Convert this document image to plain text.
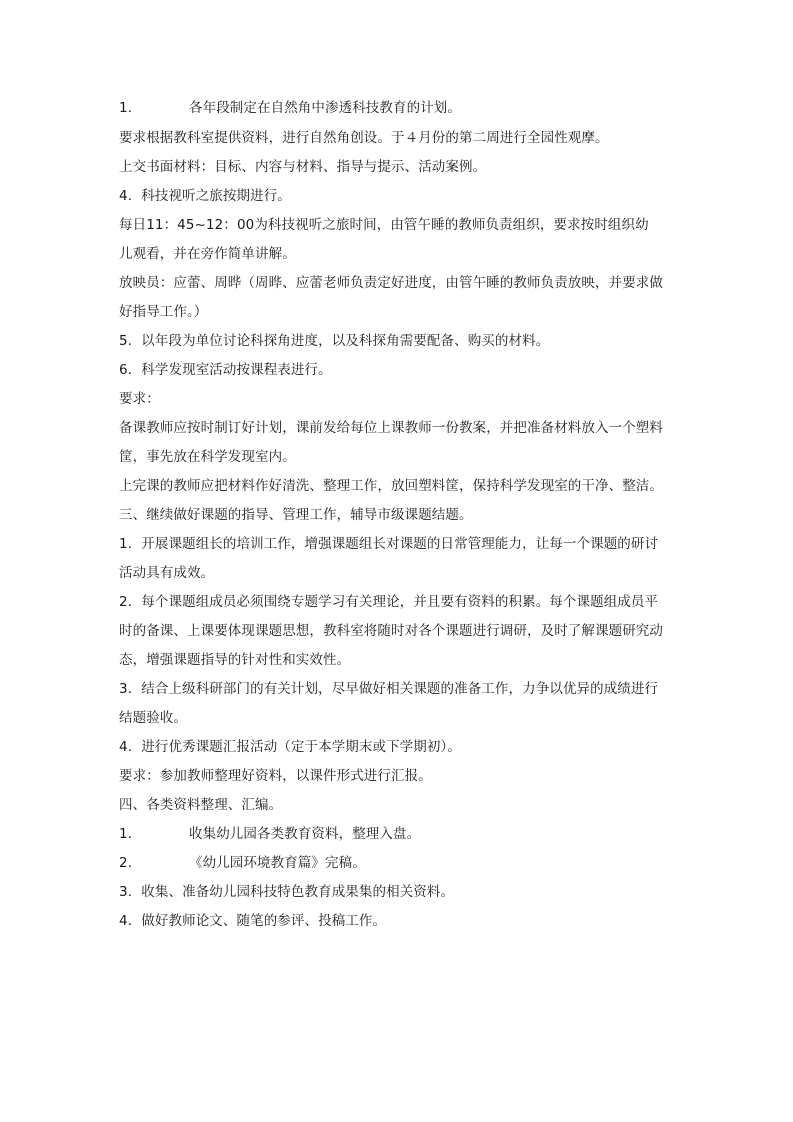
1．	各年段制定在自然角中渗透科技教育的计划。
要求根据教科室提供资料，进行自然角创设。于４月份的第二周进行全园性观摩。
上交书面材料：目标、内容与材料、指导与提示、活动案例。
4．科技视听之旅按期进行。
每日11：45~12：00为科技视听之旅时间，由管午睡的教师负责组织，要求按时组织幼
儿观看，并在旁作简单讲解。
放映员：应蕾、周晔（周晔、应蕾老师负责定好进度，由管午睡的教师负责放映，并要求做
好指导工作。）
5．以年段为单位讨论科探角进度，以及科探角需要配备、购买的材料。
6．科学发现室活动按课程表进行。
要求：
备课教师应按时制订好计划，课前发给每位上课教师一份教案，并把准备材料放入一个塑料
筐，事先放在科学发现室内。
上完课的教师应把材料作好清洗、整理工作，放回塑料筐，保持科学发现室的干净、整洁。
三、继续做好课题的指导、管理工作，辅导市级课题结题。
1．开展课题组长的培训工作，增强课题组长对课题的日常管理能力，让每一个课题的研讨
活动具有成效。
2．每个课题组成员必须围绕专题学习有关理论，并且要有资料的积累。每个课题组成员平
时的备课、上课要体现课题思想，教科室将随时对各个课题进行调研，及时了解课题研究动
态，增强课题指导的针对性和实效性。
3．结合上级科研部门的有关计划，尽早做好相关课题的准备工作，力争以优异的成绩进行
结题验收。
4．进行优秀课题汇报活动（定于本学期末或下学期初）。
要求：参加教师整理好资料，以课件形式进行汇报。
四、各类资料整理、汇编。
1．	收集幼儿园各类教育资料，整理入盘。
2．	《幼儿园环境教育篇》完稿。
3．收集、准备幼儿园科技特色教育成果集的相关资料。
4．做好教师论文、随笔的参评、投稿工作。
